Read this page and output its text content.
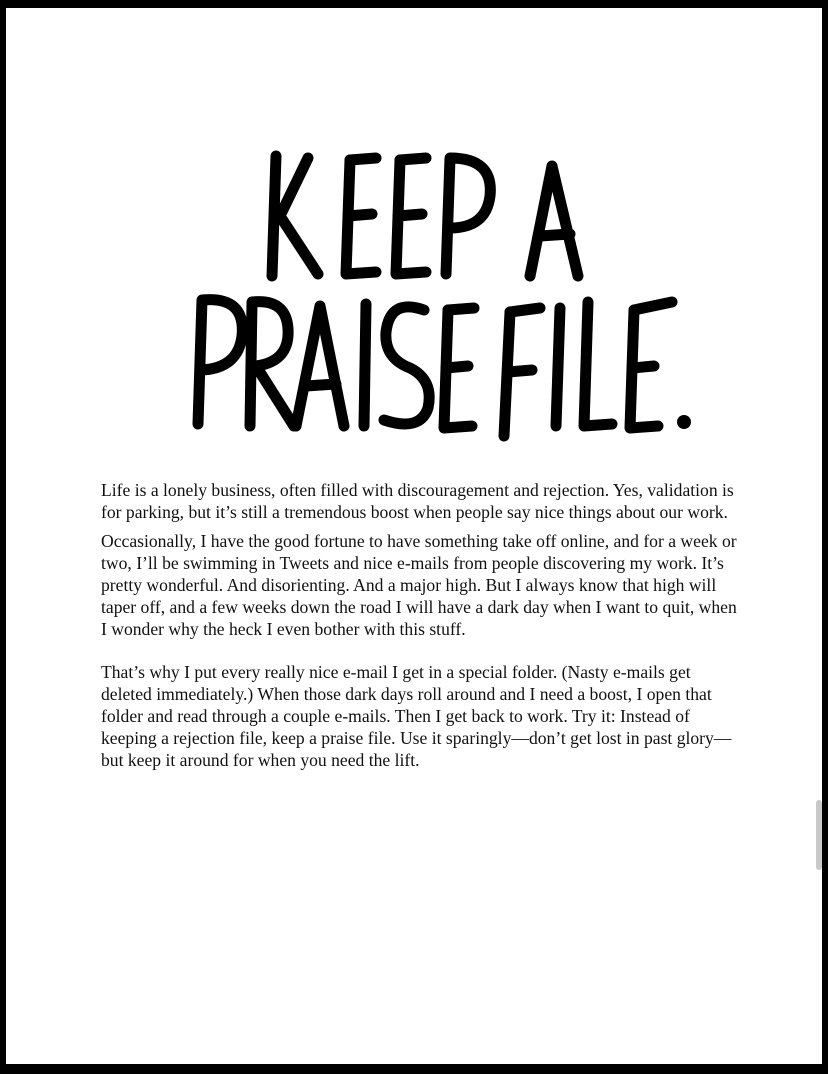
Life is a lonely business, often filled with discouragement and rejection. Yes, validation is for parking, but it’s still a tremendous boost when people say nice things about our work.

Occasionally, I have the good fortune to have something take off online, and for a week or two, I’ll be swimming in Tweets and nice e-mails from people discovering my work. It’s pretty wonderful. And disorienting. And a major high. But I always know that high will taper off, and a few weeks down the road I will have a dark day when I want to quit, when I wonder why the heck I even bother with this stuff.

That’s why I put every really nice e-mail I get in a special folder. (Nasty e-mails get deleted immediately.) When those dark days roll around and I need a boost, I open that folder and read through a couple e-mails. Then I get back to work. Try it: Instead of keeping a rejection file, keep a praise file. Use it sparingly—don’t get lost in past glory—but keep it around for when you need the lift.
